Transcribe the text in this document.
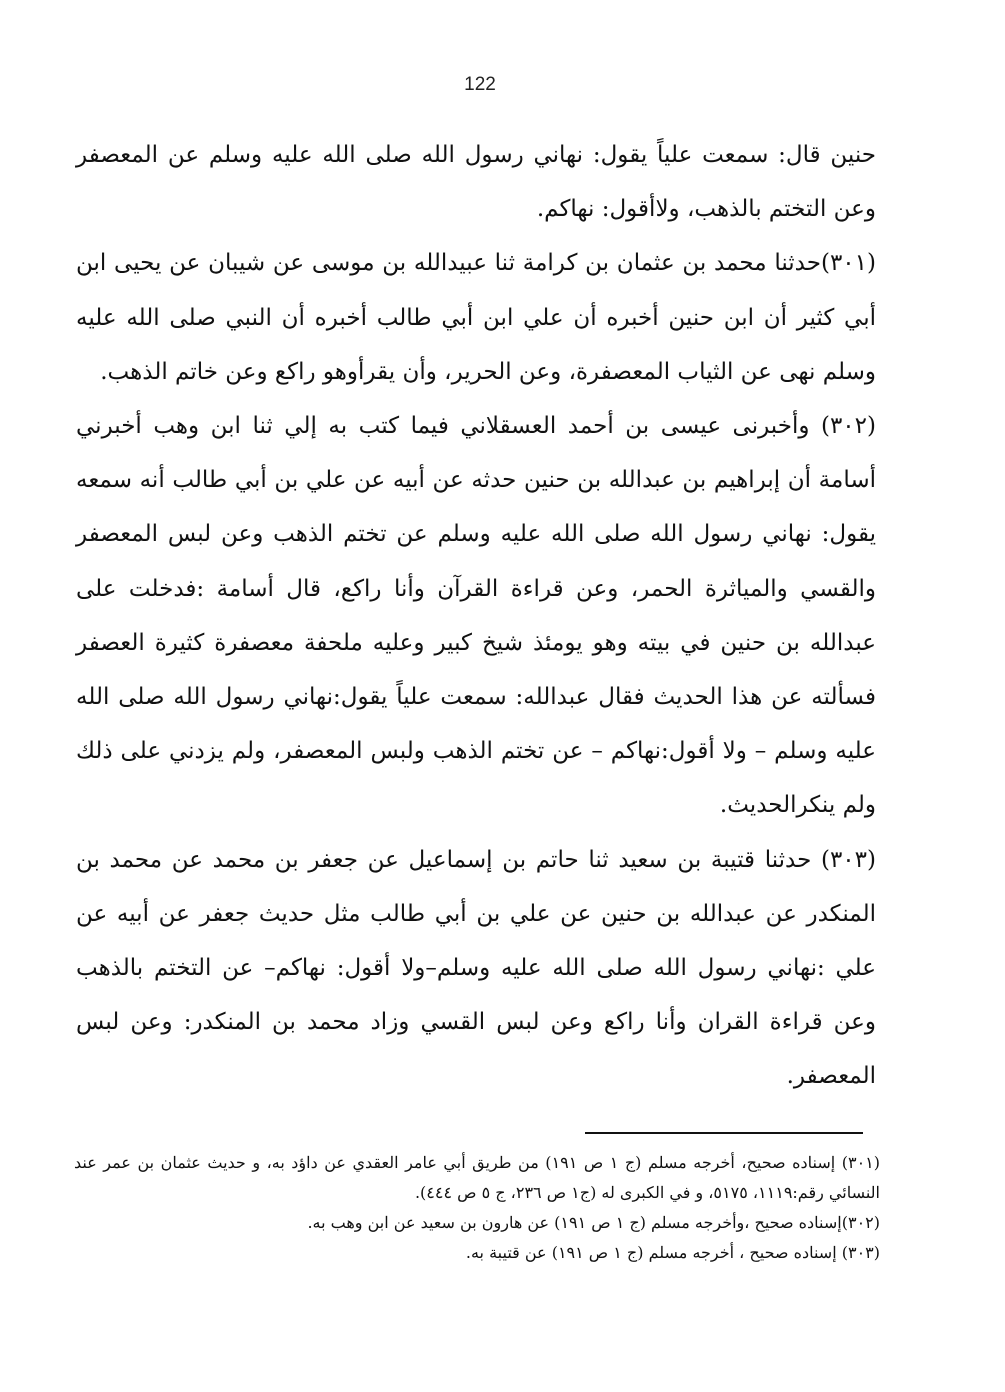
122

حنين قال: سمعت علياً يقول: نهاني رسول الله صلى الله عليه وسلم عن المعصفر وعن التختم بالذهب، ولاأقول: نهاكم.

(٣٠١)حدثنا محمد بن عثمان بن كرامة ثنا عبيدالله بن موسى عن شيبان عن يحيى ابن أبي كثير أن ابن حنين أخبره أن علي ابن أبي طالب أخبره أن النبي صلى الله عليه وسلم نهى عن الثياب المعصفرة، وعن الحرير، وأن يقرأوهو راكع وعن خاتم الذهب.

(٣٠٢) وأخبرنى عيسى بن أحمد العسقلاني فيما كتب به إلي ثنا ابن وهب أخبرني أسامة أن إبراهيم بن عبدالله بن حنين حدثه عن أبيه عن علي بن أبي طالب أنه سمعه يقول: نهاني رسول الله صلى الله عليه وسلم عن تختم الذهب وعن لبس المعصفر والقسي والمياثرة الحمر، وعن قراءة القرآن وأنا راكع، قال أسامة :فدخلت على عبدالله بن حنين في بيته وهو يومئذ شيخ كبير وعليه ملحفة معصفرة كثيرة العصفر فسألته عن هذا الحديث فقال عبدالله: سمعت علياً يقول:نهاني رسول الله صلى الله عليه وسلم – ولا أقول:نهاكم – عن تختم الذهب ولبس المعصفر، ولم يزدني على ذلك ولم ينكرالحديث.

(٣٠٣) حدثنا قتيبة بن سعيد ثنا حاتم بن إسماعيل عن جعفر بن محمد عن محمد بن المنكدر عن عبدالله بن حنين عن علي بن أبي طالب مثل حديث جعفر عن أبيه عن علي :نهاني رسول الله صلى الله عليه وسلم–ولا أقول: نهاكم– عن التختم بالذهب وعن قراءة القران وأنا راكع وعن لبس القسي وزاد محمد بن المنكدر: وعن لبس المعصفر.

(٣٠١) إسناده صحيح، أخرجه مسلم (ج ١ ص ١٩١) من طريق أبي عامر العقدي عن داؤد به، و حديث عثمان بن عمر عند النسائي رقم:١١١٩، ٥١٧٥، و في الكبرى له (ج١ ص ٢٣٦، ج ٥ ص ٤٤٤).

(٣٠٢)إسناده صحيح ،وأخرجه مسلم (ج ١ ص ١٩١) عن هارون بن سعيد عن ابن وهب به.

(٣٠٣) إسناده صحيح ، أخرجه مسلم (ج ١ ص ١٩١) عن قتيبة به.
